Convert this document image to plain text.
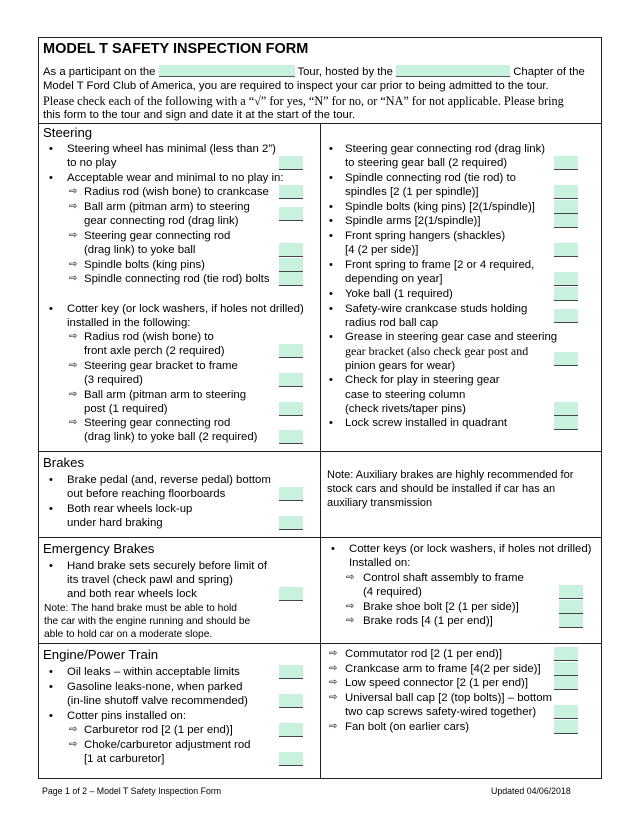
MODEL T SAFETY INSPECTION FORM

As a participant on the	Tour, hosted by the	Chapter of the

Model T Ford Club of America, you are required to inspect your car prior to being admitted to the tour.

Please check each of the following with a “√” for yes, “N” for no, or “NA” for not applicable. Please bring

this form to the tour and sign and date it at the start of the tour.

Steering
• Steering wheel has minimal (less than 2”)
to no play
• Acceptable wear and minimal to no play in:
⇨ Radius rod (wish bone) to crankcase
⇨ Ball arm (pitman arm) to steering
gear connecting rod (drag link)
⇨ Steering gear connecting rod
(drag link) to yoke ball
⇨ Spindle bolts (king pins)
⇨ Spindle connecting rod (tie rod) bolts
• Cotter key (or lock washers, if holes not drilled)
installed in the following:
⇨ Radius rod (wish bone) to
front axle perch (2 required)
⇨ Steering gear bracket to frame
(3 required)
⇨ Ball arm (pitman arm to steering
post (1 required)
⇨ Steering gear connecting rod
(drag link) to yoke ball (2 required)
• Steering gear connecting rod (drag link)
to steering gear ball (2 required)
• Spindle connecting rod (tie rod) to
spindles [2 (1 per spindle)]
• Spindle bolts (king pins) [2(1/spindle)]
• Spindle arms [2(1/spindle)]
• Front spring hangers (shackles)
[4 (2 per side)]
• Front spring to frame [2 or 4 required,
depending on year]
• Yoke ball (1 required)
• Safety-wire crankcase studs holding
radius rod ball cap
• Grease in steering gear case and steering
gear bracket (also check gear post and
pinion gears for wear)
• Check for play in steering gear
case to steering column
(check rivets/taper pins)
• Lock screw installed in quadrant
Brakes
• Brake pedal (and, reverse pedal) bottom
out before reaching floorboards
• Both rear wheels lock-up
under hard braking
Note: Auxiliary brakes are highly recommended for
stock cars and should be installed if car has an
auxiliary transmission
Emergency Brakes
• Hand brake sets securely before limit of
its travel (check pawl and spring)
and both rear wheels lock
Note: The hand brake must be able to hold
the car with the engine running and should be
able to hold car on a moderate slope.
• Cotter keys (or lock washers, if holes not drilled)
Installed on:
⇨ Control shaft assembly to frame
(4 required)
⇨ Brake shoe bolt [2 (1 per side)]
⇨ Brake rods [4 (1 per end)]
Engine/Power Train
• Oil leaks – within acceptable limits
• Gasoline leaks-none, when parked
(in-line shutoff valve recommended)
• Cotter pins installed on:
⇨ Carburetor rod [2 (1 per end)]
⇨ Choke/carburetor adjustment rod
[1 at carburetor]
⇨ Commutator rod [2 (1 per end)]
⇨ Crankcase arm to frame [4(2 per side)]
⇨ Low speed connector [2 (1 per end)]
⇨ Universal ball cap [2 (top bolts)] – bottom
two cap screws safety-wired together)
⇨ Fan bolt (on earlier cars)
Page 1 of 2 – Model T Safety Inspection Form	Updated 04/06/2018
